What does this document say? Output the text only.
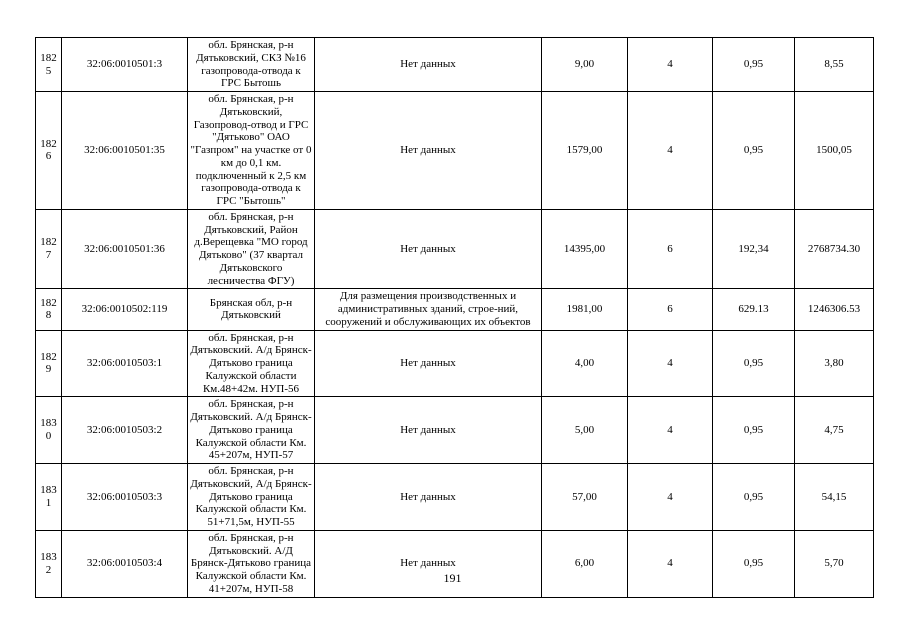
1825	32:06:0010501:3	обл. Брянская, р-н Дятьковский, СКЗ №16 газопровода-отвода к ГРС Бытошь	Нет данных	9,00	4	0,95	8,55
1826	32:06:0010501:35	обл. Брянская, р-н Дятьковский, Газопровод-отвод и ГРС "Дятьково" ОАО "Газпром" на участке от 0 км до 0,1 км. подключенный к 2,5 км газопровода-отвода к ГРС "Бытошь"	Нет данных	1579,00	4	0,95	1500,05
1827	32:06:0010501:36	обл. Брянская, р-н Дятьковский, Район д.Верещевка "МО город Дятьково" (37 квартал Дятьковского лесничества ФГУ)	Нет данных	14395,00	6	192,34	2768734.30
1828	32:06:0010502:119	Брянская обл, р-н Дятьковский	Для размещения производственных и административных зданий, строе-ний, сооружений и обслуживающих их объектов	1981,00	6	629.13	1246306.53
1829	32:06:0010503:1	обл. Брянская, р-н Дятьковский. А/д Брянск-Дятьково граница Калужской области Км.48+42м. НУП-56	Нет данных	4,00	4	0,95	3,80
1830	32:06:0010503:2	обл. Брянская, р-н Дятьковский. А/д Брянск-Дятьково граница Калужской области Км. 45+207м, НУП-57	Нет данных	5,00	4	0,95	4,75
1831	32:06:0010503:3	обл. Брянская, р-н Дятьковский, А/д Брянск-Дятьково граница Калужской области Км. 51+71,5м, НУП-55	Нет данных	57,00	4	0,95	54,15
1832	32:06:0010503:4	обл. Брянская, р-н Дятьковский. А/Д Брянск-Дятьково граница Калужской области Км. 41+207м, НУП-58	Нет данных	6,00	4	0,95	5,70
191
